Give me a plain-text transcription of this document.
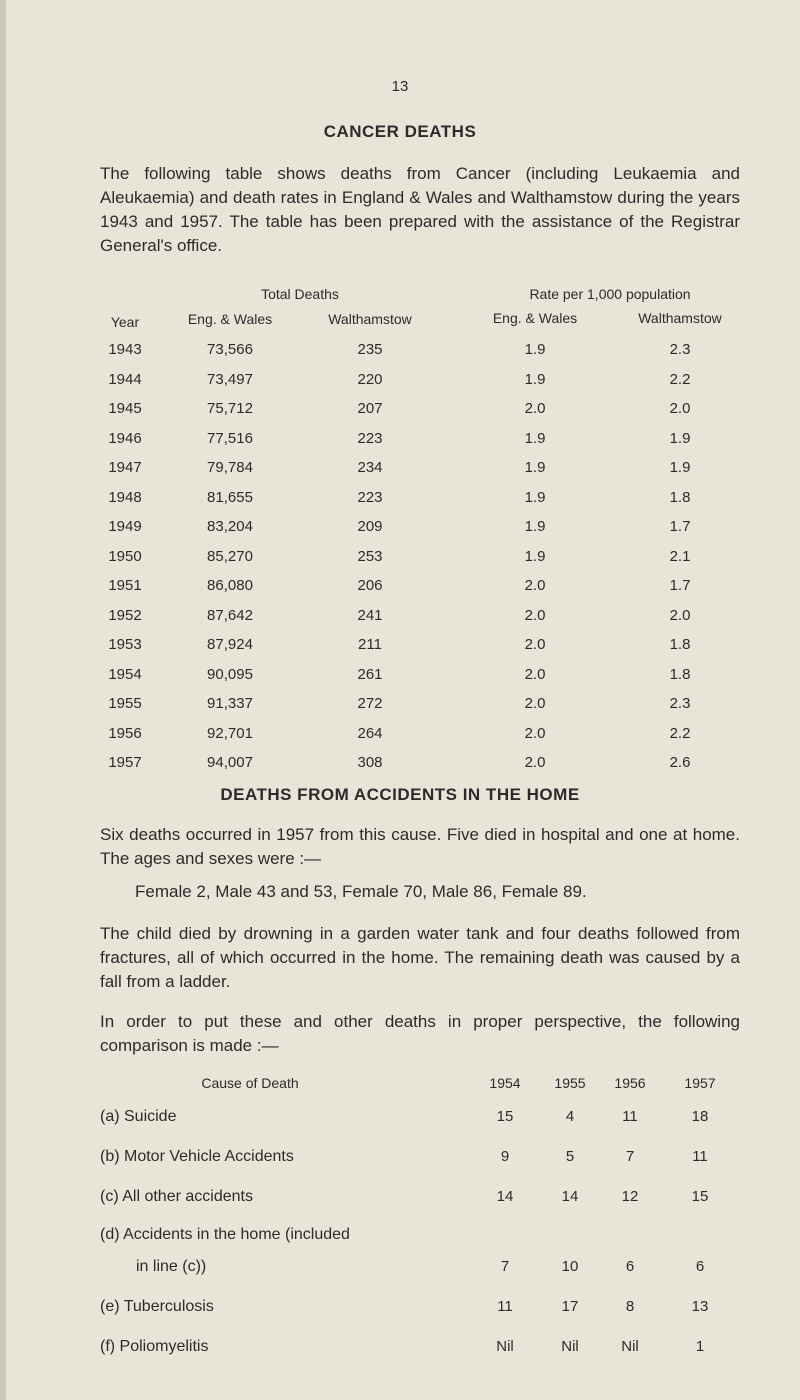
13
CANCER DEATHS
The following table shows deaths from Cancer (including Leukaemia and Aleukaemia) and death rates in England & Wales and Walthamstow during the years 1943 and 1957. The table has been prepared with the assistance of the Registrar General's office.
Total Deaths	Rate per 1,000 population
Year	Eng. & Wales	Walthamstow	Eng. & Wales	Walthamstow
1943	73,566	235	1.9	2.3
1944	73,497	220	1.9	2.2
1945	75,712	207	2.0	2.0
1946	77,516	223	1.9	1.9
1947	79,784	234	1.9	1.9
1948	81,655	223	1.9	1.8
1949	83,204	209	1.9	1.7
1950	85,270	253	1.9	2.1
1951	86,080	206	2.0	1.7
1952	87,642	241	2.0	2.0
1953	87,924	211	2.0	1.8
1954	90,095	261	2.0	1.8
1955	91,337	272	2.0	2.3
1956	92,701	264	2.0	2.2
1957	94,007	308	2.0	2.6
DEATHS FROM ACCIDENTS IN THE HOME
Six deaths occurred in 1957 from this cause. Five died in hospital and one at home. The ages and sexes were :—
Female 2, Male 43 and 53, Female 70, Male 86, Female 89.
The child died by drowning in a garden water tank and four deaths followed from fractures, all of which occurred in the home. The remaining death was caused by a fall from a ladder.
In order to put these and other deaths in proper perspective, the following comparison is made :—
Cause of Death	1954	1955	1956	1957
(a) Suicide	15	4	11	18
(b) Motor Vehicle Accidents	9	5	7	11
(c) All other accidents	14	14	12	15
(d) Accidents in the home (included
in line (c))	7	10	6	6
(e) Tuberculosis	11	17	8	13
(f) Poliomyelitis	Nil	Nil	Nil	1
